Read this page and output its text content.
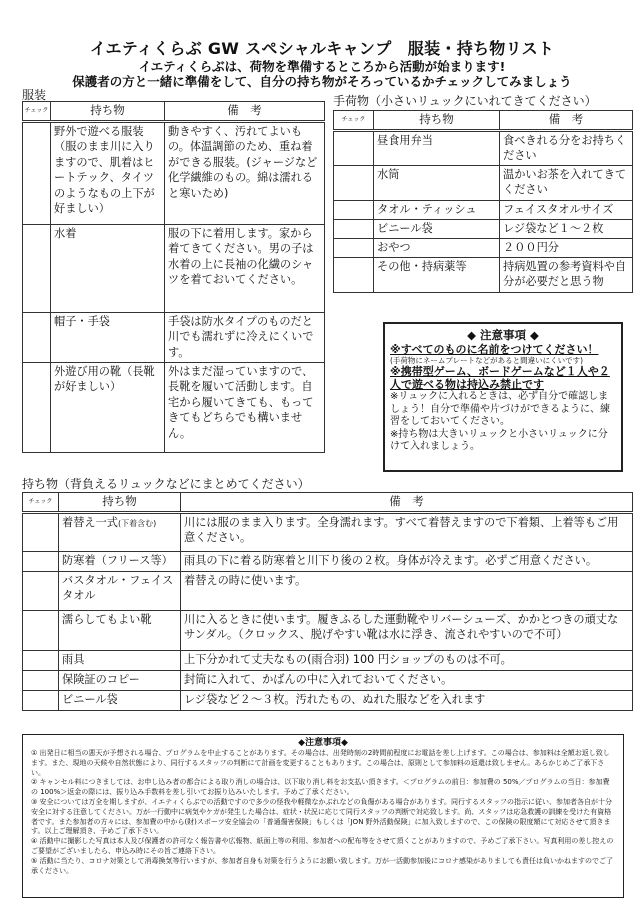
イエティくらぶ GW スペシャルキャンプ　服装・持ち物リスト
イエティくらぶは、荷物を準備するところから活動が始まります!
保護者の方と一緒に準備をして、自分の持ち物がそろっているかチェックしてみましょう
服装
チェック	持ち物	備　考
	野外で遊べる服装（服のまま川に入りますので、肌着はヒートテック、タイツのようなもの上下が好ましい）	動きやすく、汚れてよいもの。体温調節のため、重ね着ができる服装。(ジャージなど化学繊維のもの。綿は濡れると寒いため)
	水着	服の下に着用します。家から着てきてください。男の子は水着の上に長袖の化繊のシャツを着ておいてください。
	帽子・手袋	手袋は防水タイプのものだと川でも濡れずに冷えにくいです。
	外遊び用の靴（長靴が好ましい）	外はまだ湿っていますので、長靴を履いて活動します。自宅から履いてきても、もってきてもどちらでも構いません。
手荷物（小さいリュックにいれてきてください）
チェック	持ち物	備　考
	昼食用弁当	食べきれる分をお持ちください
	水筒	温かいお茶を入れてきてください
	タオル・ティッシュ	フェイスタオルサイズ
	ビニール袋	レジ袋など１～２枚
	おやつ	２００円分
	その他・持病薬等	持病処置の参考資料や自分が必要だと思う物
◆ 注意事項 ◆

※すべてのものに名前をつけてください！

(手荷物にネームプレートなどがあると間違いにくいです)

※携帯型ゲーム、ボードゲームなど１人や２人で遊べる物は持込み禁止です

※リュックに入れるときは、必ず自分で確認しましょう！自分で準備や片づけができるように、練習をしておいてください。

※持ち物は大きいリュックと小さいリュックに分けて入れましょう。

持ち物（背負えるリュックなどにまとめてください）
チェック	持ち物	備　考
	着替え一式(下着含む)	川には服のまま入ります。全身濡れます。すべて着替えますので下着類、上着等もご用意ください。
	防寒着（フリース等）	雨具の下に着る防寒着と川下り後の２枚。身体が冷えます。必ずご用意ください。
	バスタオル・フェイスタオル	着替えの時に使います。
	濡らしてもよい靴	川に入るときに使います。履きふるした運動靴やリバーシューズ、かかとつきの頑丈なサンダル。（クロックス、脱げやすい靴は水に浮き、流されやすいので不可）
	雨具	上下分かれて丈夫なもの(雨合羽) 100 円ショップのものは不可。
	保険証のコピー	封筒に入れて、かばんの中に入れておいてください。
	ビニール袋	レジ袋など２～３枚。汚れたもの、ぬれた服などを入れます
◆注意事項◆

① 出発日に相当の悪天が予想される場合、プログラムを中止することがあります。その場合は、出発時刻の2時間前程度にお電話を差し上げます。この場合は、参加料は全額お返し致します。また、現地の天候や自然状態により、同行するスタッフの判断にて計画を変更することもあります。この場合は、原則として参加料の返還は致しません。あらかじめご了承下さい。

② キャンセル料につきましては、お申し込み者の都合による取り消しの場合は、以下取り消し料をお支払い頂きます。＜プログラムの前日：参加費の 50%／プログラムの当日：参加費の 100%＞返金の際には、振り込み手数料を差し引いてお振り込みいたします。予めご了承ください。

③ 安全については万全を期しますが、イエティくらぶでの活動ですので多少の怪我や軽微なかぶれなどの負傷がある場合があります。同行するスタッフの指示に従い、参加者各自が十分安全に対する注意してください。万が一行動中に病気やケガが発生した場合は、症状・状況に応じて同行スタッフの判断で対応致します。尚、スタッフは応急救護の訓練を受けた有資格者です。また参加者の方々には、参加費の中から(財)スポーツ安全協会の「普通傷害保険」もしくは「JON 野外活動保険」に加入致しますので、この保険の限度額にて対応させて頂きます。以上ご理解頂き、予めご了承下さい。

④ 活動中に撮影した写真は本人及び保護者の許可なく報告書や広報物、紙面上等の利用、参加者への配布等をさせて頂くことがありますので、予めご了承下さい。写真利用の差し控えのご要望がございましたら、申込み時にその旨ご連絡下さい。

⑤ 活動に当たり、コロナ対策として消毒換気等行いますが、参加者自身も対策を行うようにお願い致します。万が一活動参加後にコロナ感染がありましても責任は負いかねますのでご了承ください。
